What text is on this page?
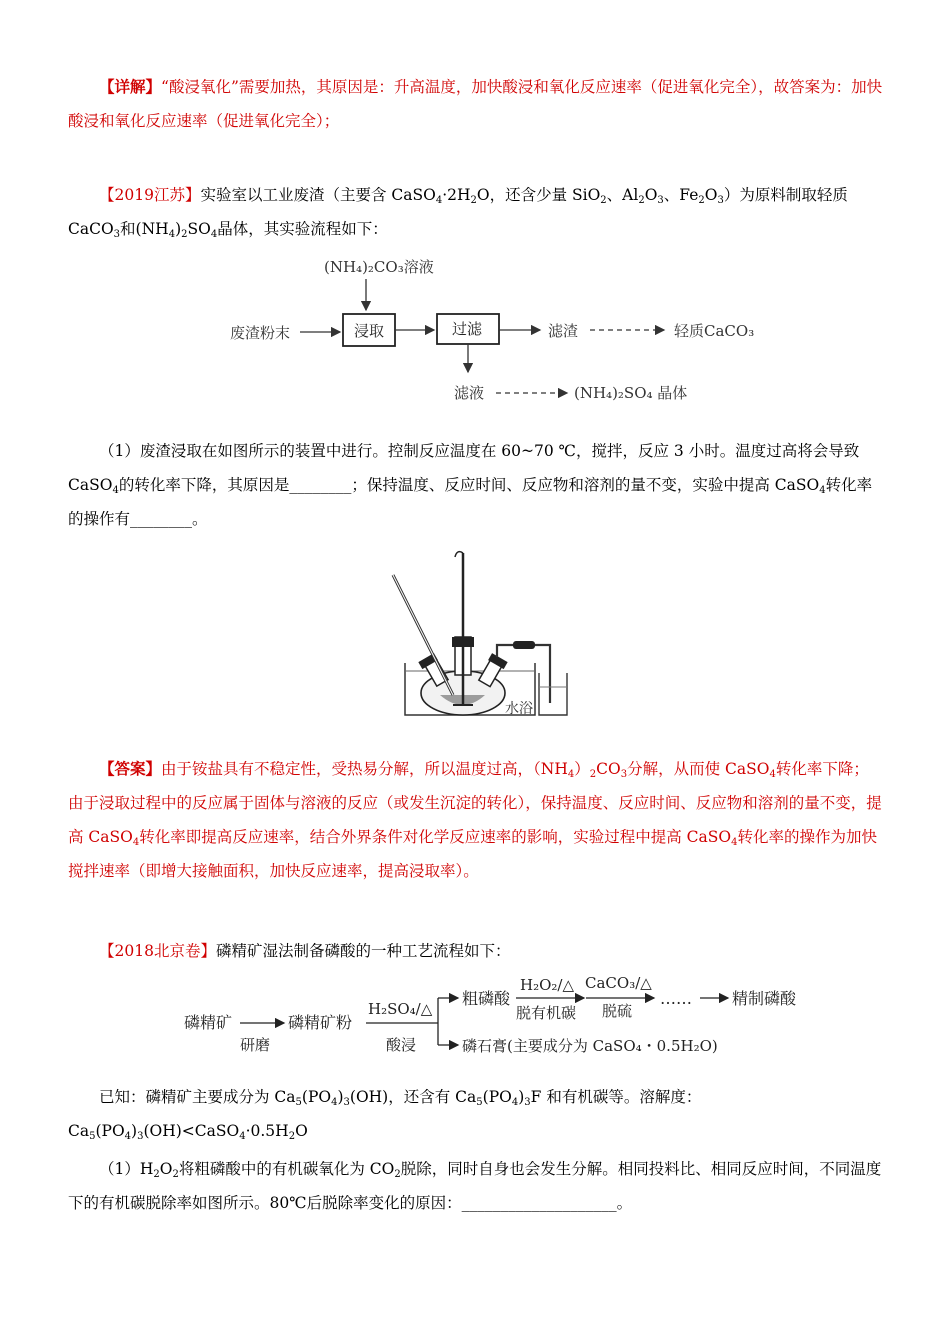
【详解】“酸浸氧化”需要加热，其原因是：升高温度，加快酸浸和氧化反应速率（促进氧化完全），故答案为：加快酸浸和氧化反应速率（促进氧化完全）；
【2019江苏】实验室以工业废渣（主要含 $CaSO_4\cdot 2H_2O$，还含少量 SiO$_2$、$Al_2O_3$、$Fe_2O_3$）为原料制取轻质 CaCO$_3$和$(NH_4)_2SO_4$晶体，其实验流程如下：
(NH₄)₂CO₃溶液
废渣粉末	浸取	过滤	滤渣	轻质CaCO₃
滤液	(NH₄)₂SO₄ 晶体
（1）废渣浸取在如图所示的装置中进行。控制反应温度在 60~70 ℃，搅拌，反应 3 小时。温度过高将会导致 CaSO$_4$的转化率下降，其原因是________；保持温度、反应时间、反应物和溶剂的量不变，实验中提高 CaSO$_4$转化率的操作有________。
水浴
【答案】由于铵盐具有不稳定性，受热易分解，所以温度过高，$(NH_4)_2CO_3$分解，从而使 CaSO$_4$转化率下降；由于浸取过程中的反应属于固体与溶液的反应（或发生沉淀的转化），保持温度、反应时间、反应物和溶剂的量不变，提高 CaSO$_4$转化率即提高反应速率，结合外界条件对化学反应速率的影响，实验过程中提高 CaSO$_4$转化率的操作为加快搅拌速率（即增大接触面积，加快反应速率，提高浸取率）。
【2018北京卷】磷精矿湿法制备磷酸的一种工艺流程如下：
磷精矿
研磨
磷精矿粉
H₂SO₄/△
酸浸
粗磷酸
H₂O₂/△
脱有机碳
CaCO₃/△
脱硫
……	精制磷酸
磷石膏(主要成分为 CaSO₄・0.5H₂O)
已知：磷精矿主要成分为 $Ca_5(PO_4)_3(OH)$，还含有 $Ca_5(PO_4)_3F$ 和有机碳等。溶解度：
$Ca_5(PO_4)_3(OH)<CaSO_4\cdot 0.5H_2O$
$(1)H_2O_2$将粗磷酸中的有机碳氧化为 $CO_2$脱除，同时自身也会发生分解。相同投料比、相同反应时间，不同温度下的有机碳脱除率如图所示。80℃后脱除率变化的原因：____________________。
